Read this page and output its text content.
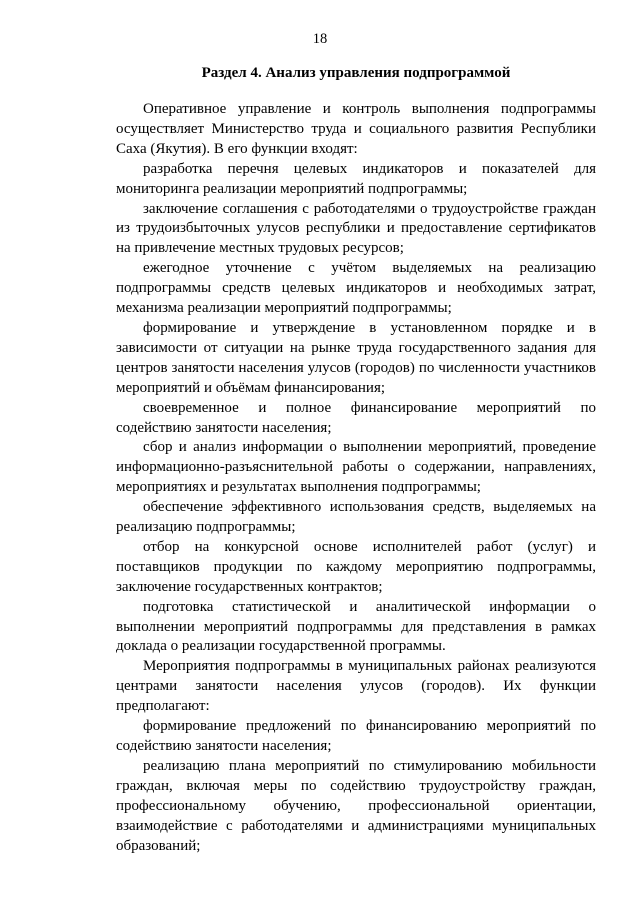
18
Раздел 4. Анализ управления подпрограммой

Оперативное управление и контроль выполнения подпрограммы осуществляет Министерство труда и социального развития Республики Саха (Якутия). В его функции входят:

разработка перечня целевых индикаторов и показателей для мониторинга реализации мероприятий подпрограммы;

заключение соглашения с работодателями о трудоустройстве граждан из трудоизбыточных улусов республики и предоставление сертификатов на привлечение местных трудовых ресурсов;

ежегодное уточнение с учётом выделяемых на реализацию подпрограммы средств целевых индикаторов и необходимых затрат, механизма реализации мероприятий подпрограммы;

формирование и утверждение в установленном порядке и в зависимости от ситуации на рынке труда государственного задания для центров занятости населения улусов (городов) по численности участников мероприятий и объёмам финансирования;

своевременное и полное финансирование мероприятий по содействию занятости населения;

сбор и анализ информации о выполнении мероприятий, проведение информационно-разъяснительной работы о содержании, направлениях, мероприятиях и результатах выполнения подпрограммы;

обеспечение эффективного использования средств, выделяемых на реализацию подпрограммы;

отбор на конкурсной основе исполнителей работ (услуг) и поставщиков продукции по каждому мероприятию подпрограммы, заключение государственных контрактов;

подготовка статистической и аналитической информации о выполнении мероприятий подпрограммы для представления в рамках доклада о реализации государственной программы.

Мероприятия подпрограммы в муниципальных районах реализуются центрами занятости населения улусов (городов). Их функции предполагают:

формирование предложений по финансированию мероприятий по содействию занятости населения;

реализацию плана мероприятий по стимулированию мобильности граждан, включая меры по содействию трудоустройству граждан, профессиональному обучению, профессиональной ориентации, взаимодействие с работодателями и администрациями муниципальных образований;
